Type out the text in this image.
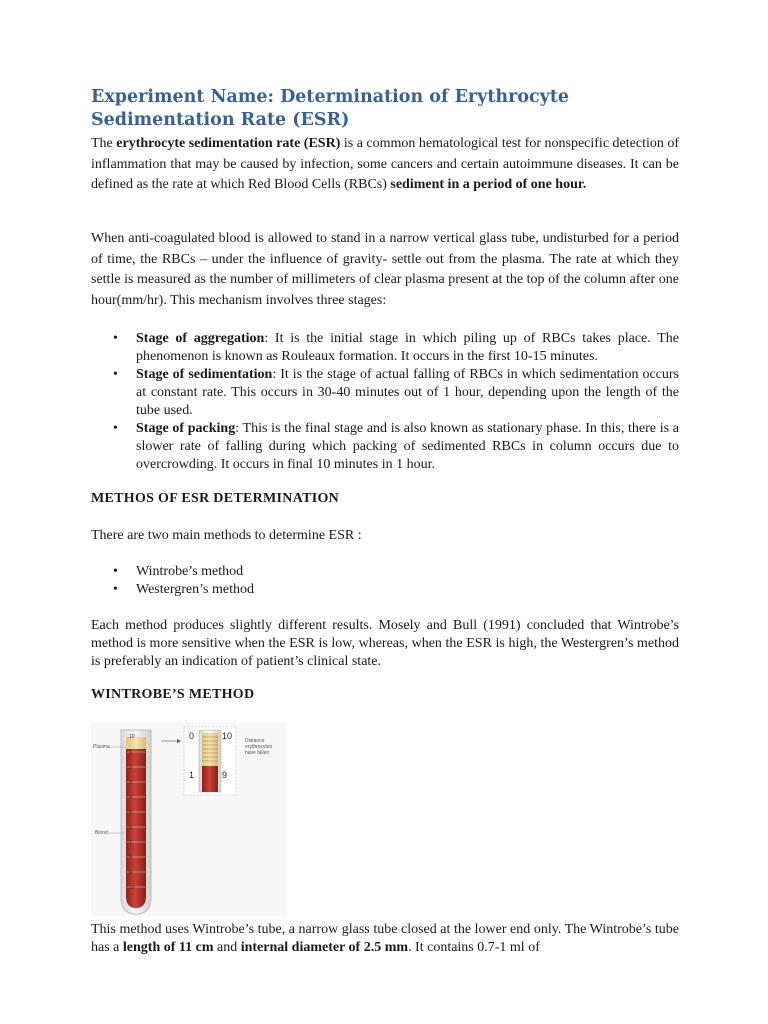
Experiment Name: Determination of Erythrocyte Sedimentation Rate (ESR)

The erythrocyte sedimentation rate (ESR) is a common hematological test for nonspecific detection of inflammation that may be caused by infection, some cancers and certain autoimmune diseases. It can be defined as the rate at which Red Blood Cells (RBCs) sediment in a period of one hour.

When anti-coagulated blood is allowed to stand in a narrow vertical glass tube, undisturbed for a period of time, the RBCs – under the influence of gravity- settle out from the plasma. The rate at which they settle is measured as the number of millimeters of clear plasma present at the top of the column after one hour(mm/hr). This mechanism involves three stages:

• Stage of aggregation: It is the initial stage in which piling up of RBCs takes place. The phenomenon is known as Rouleaux formation. It occurs in the first 10-15 minutes.
• Stage of sedimentation: It is the stage of actual falling of RBCs in which sedimentation occurs at constant rate. This occurs in 30-40 minutes out of 1 hour, depending upon the length of the tube used.
• Stage of packing: This is the final stage and is also known as stationary phase. In this, there is a slower rate of falling during which packing of sedimented RBCs in column occurs due to overcrowding. It occurs in final 10 minutes in 1 hour.
METHOS OF ESR DETERMINATION

There are two main methods to determine ESR :

• Wintrobe’s method
• Westergren’s method

Each method produces slightly different results. Mosely and Bull (1991) concluded that Wintrobe’s method is more sensitive when the ESR is low, whereas, when the ESR is high, the Westergren’s method is preferably an indication of patient’s clinical state.

WINTROBE’S METHOD

This method uses Wintrobe’s tube, a narrow glass tube closed at the lower end only. The Wintrobe’s tube has a length of 11 cm and internal diameter of 2.5 mm. It contains 0.7-1 ml of

10
1
2
3
4
5
6
7
8
9
10
Plasma
Blood
0	10
1	9
Distance
erythrocytes
have fallen
